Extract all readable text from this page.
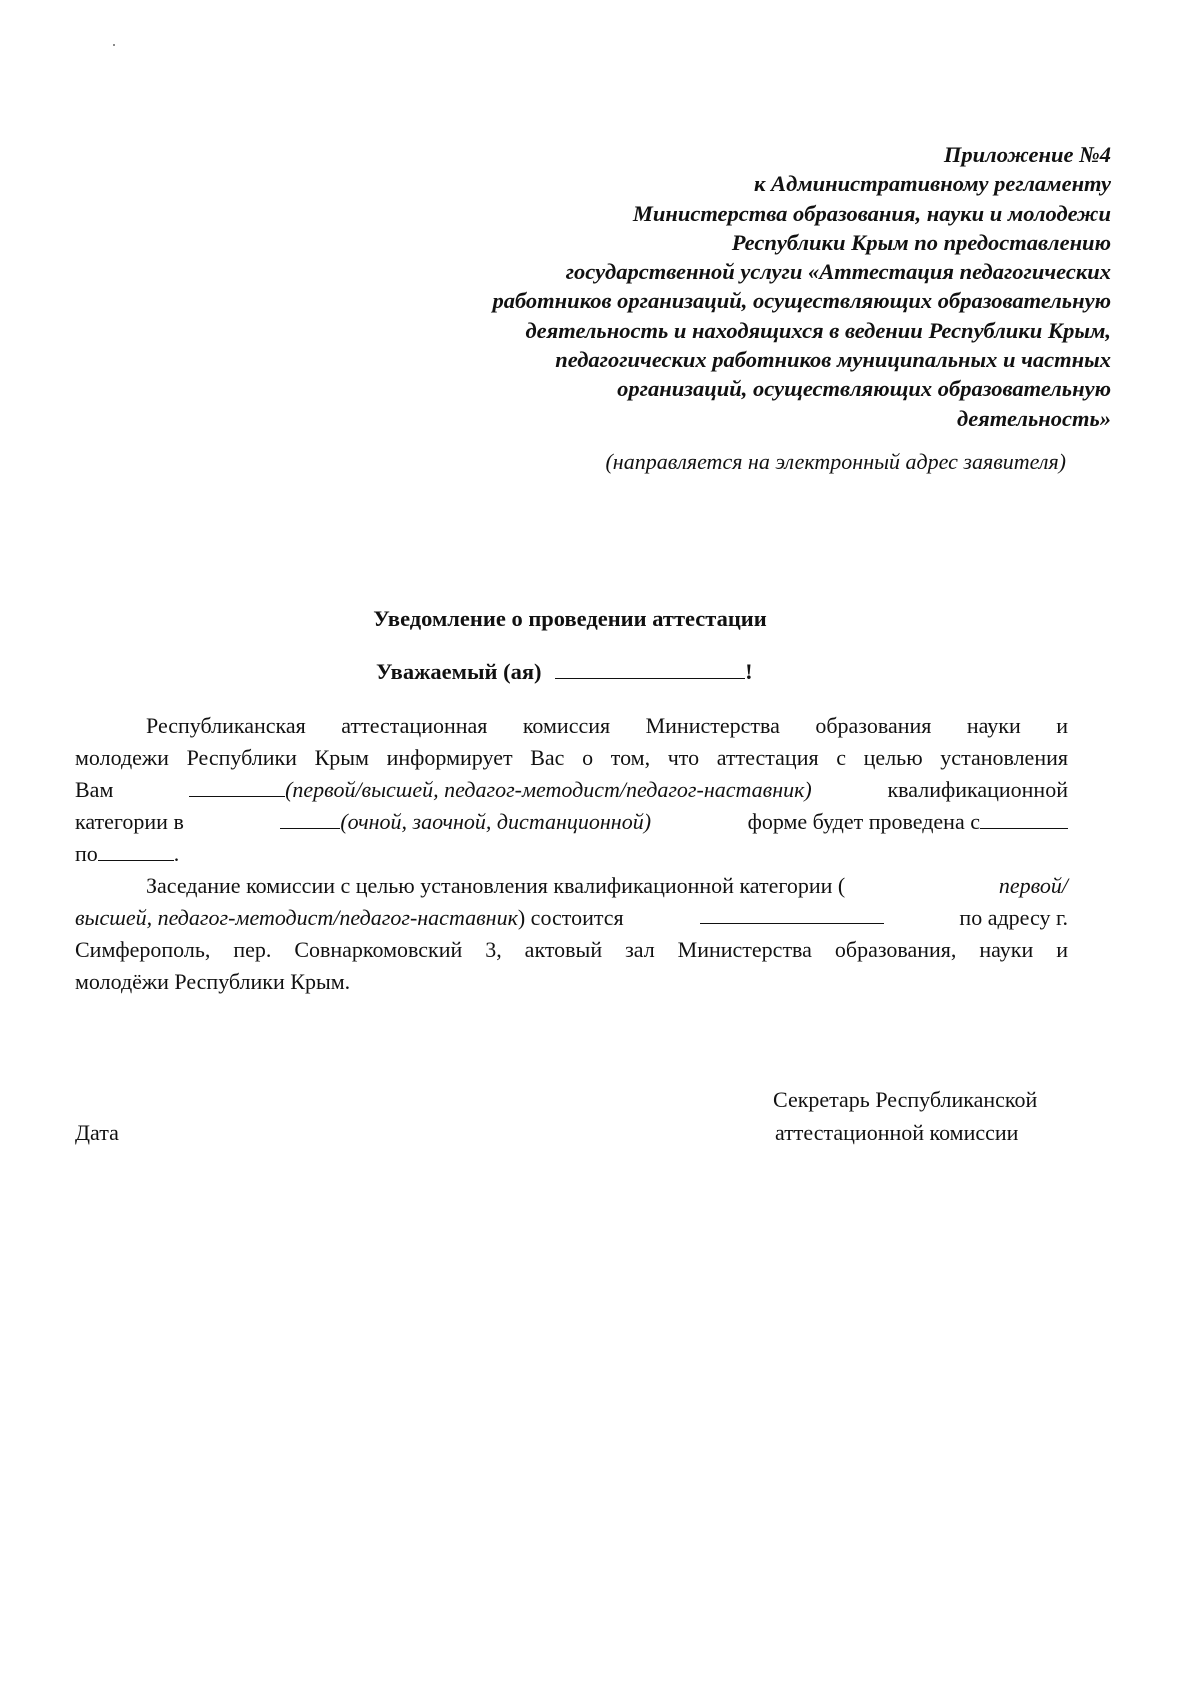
Приложение №4
к Административному регламенту
Министерства образования, науки и молодежи
Республики Крым по предоставлению
государственной услуги «Аттестация педагогических
работников организаций, осуществляющих образовательную
деятельность и находящихся в ведении Республики Крым,
педагогических работников муниципальных и частных
организаций, осуществляющих образовательную
деятельность»
(направляется на электронный адрес заявителя)
Уведомление о проведении аттестации
Уважаемый (ая)	!
Республиканская аттестационная комиссия Министерства образования науки и
молодежи Республики Крым информирует Вас о том, что аттестация с целью установления
Вам	(первой/высшей, педагог-методист/педагог-наставник)	квалификационной
категории в	(очной, заочной, дистанционной)	форме будет проведена с
по	.
Заседание комиссии с целью установления квалификационной категории (	первой/
высшей, педагог-методист/педагог-наставник) состоится	по адресу г.
Симферополь, пер. Совнаркомовский 3, актовый зал Министерства образования, науки и
молодёжи Республики Крым.
Секретарь Республиканской
аттестационной комиссии
Дата
